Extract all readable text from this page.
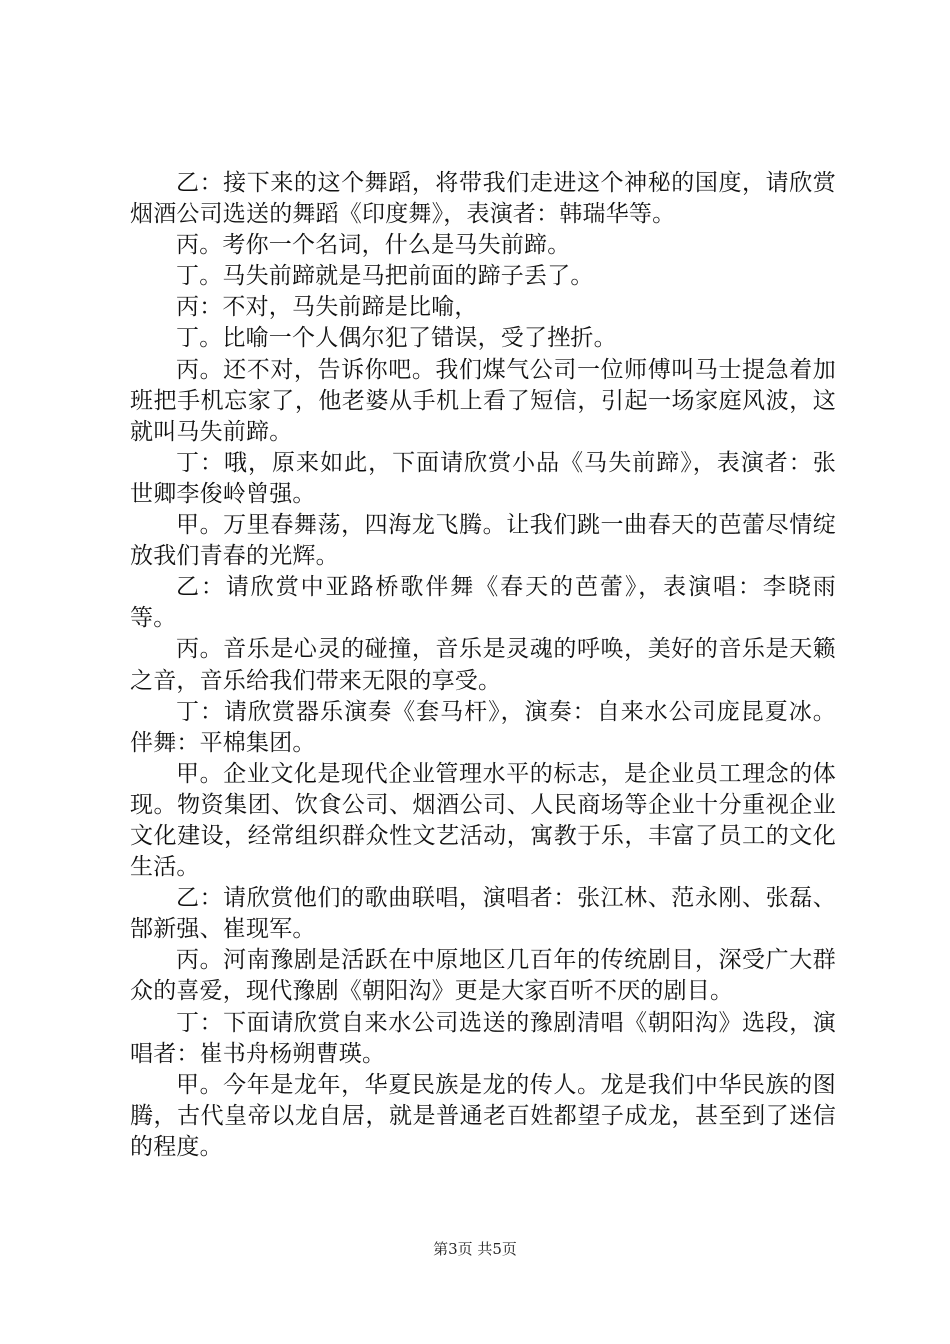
乙：接下来的这个舞蹈，将带我们走进这个神秘的国度，请欣赏烟酒公司选送的舞蹈《印度舞》，表演者：韩瑞华等。

丙。考你一个名词，什么是马失前蹄。

丁。马失前蹄就是马把前面的蹄子丢了。

丙：不对，马失前蹄是比喻，

丁。比喻一个人偶尔犯了错误，受了挫折。

丙。还不对，告诉你吧。我们煤气公司一位师傅叫马士提急着加班把手机忘家了，他老婆从手机上看了短信，引起一场家庭风波，这就叫马失前蹄。

丁：哦，原来如此，下面请欣赏小品《马失前蹄》，表演者：张世卿李俊岭曾强。

甲。万里春舞荡，四海龙飞腾。让我们跳一曲春天的芭蕾尽情绽放我们青春的光辉。

乙：请欣赏中亚路桥歌伴舞《春天的芭蕾》，表演唱：李晓雨等。

丙。音乐是心灵的碰撞，音乐是灵魂的呼唤，美好的音乐是天籁之音，音乐给我们带来无限的享受。

丁：请欣赏器乐演奏《套马杆》，演奏：自来水公司庞昆夏冰。伴舞：平棉集团。

甲。企业文化是现代企业管理水平的标志，是企业员工理念的体现。物资集团、饮食公司、烟酒公司、人民商场等企业十分重视企业文化建设，经常组织群众性文艺活动，寓教于乐，丰富了员工的文化生活。

乙：请欣赏他们的歌曲联唱，演唱者：张江林、范永刚、张磊、郜新强、崔现军。

丙。河南豫剧是活跃在中原地区几百年的传统剧目，深受广大群众的喜爱，现代豫剧《朝阳沟》更是大家百听不厌的剧目。

丁：下面请欣赏自来水公司选送的豫剧清唱《朝阳沟》选段，演唱者：崔书舟杨朔曹瑛。

甲。今年是龙年，华夏民族是龙的传人。龙是我们中华民族的图腾，古代皇帝以龙自居，就是普通老百姓都望子成龙，甚至到了迷信的程度。

第3页 共5页
